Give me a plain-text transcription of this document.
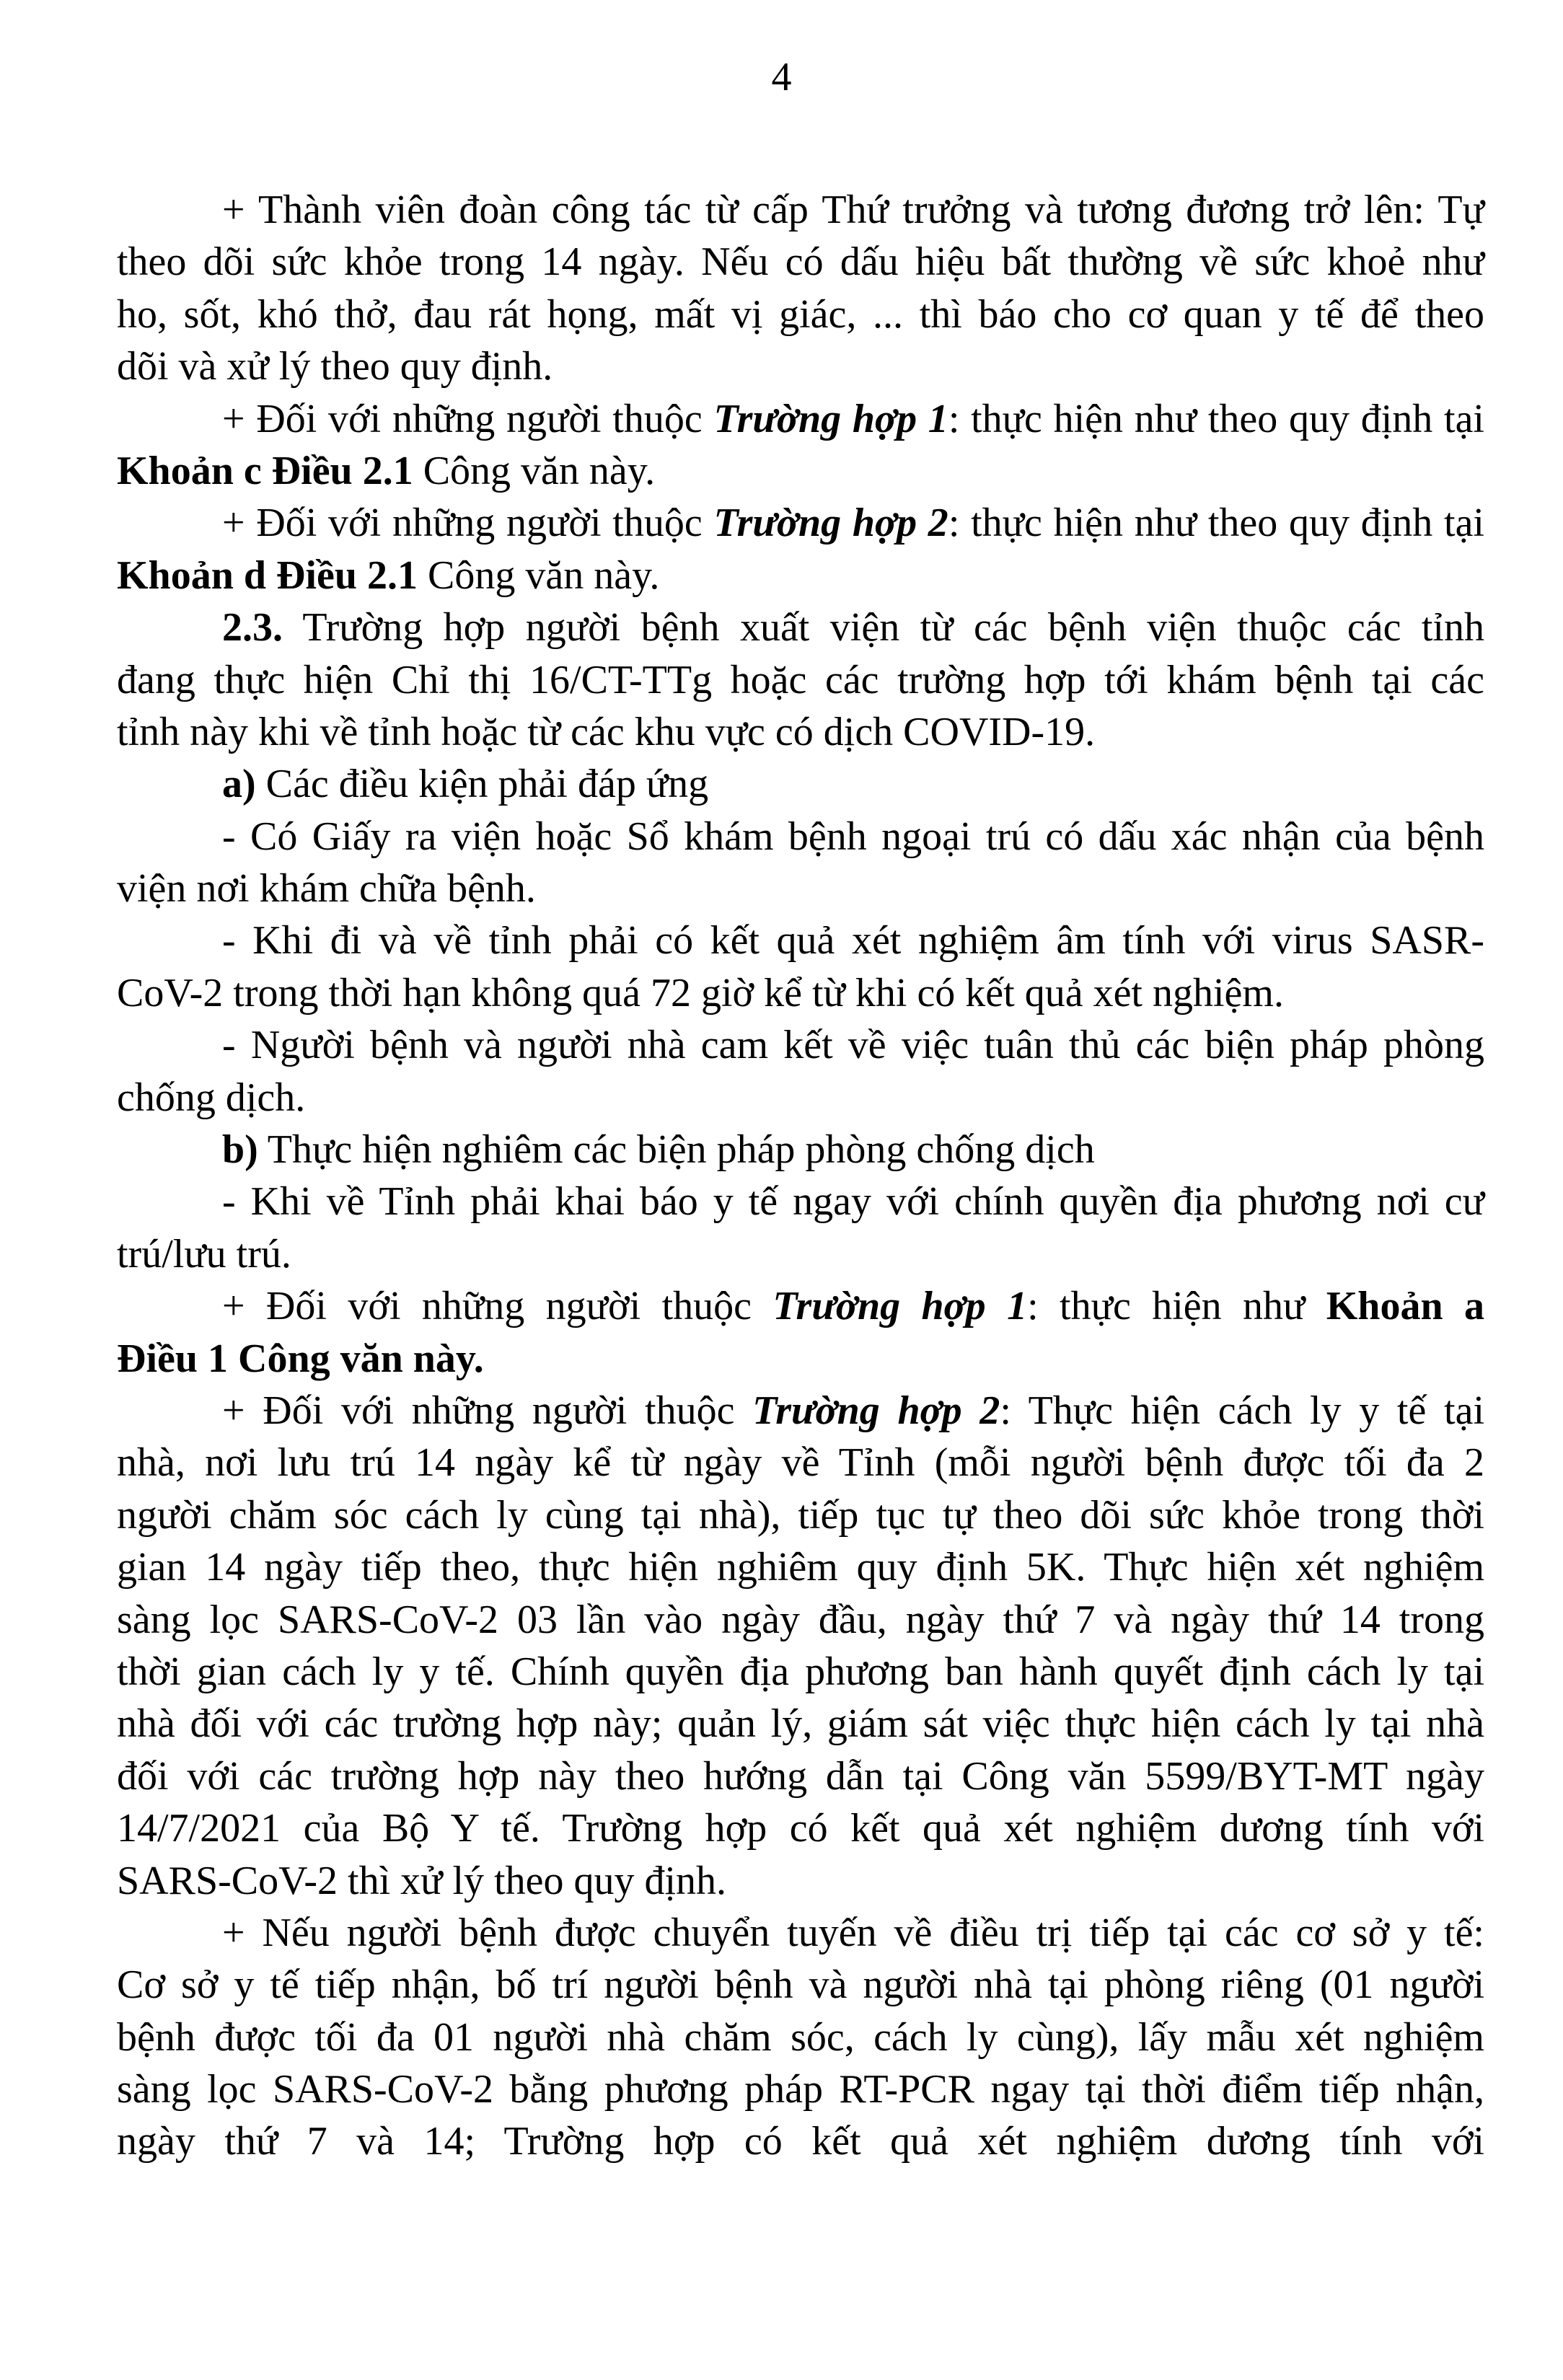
4
+ Thành viên đoàn công tác từ cấp Thứ trưởng và tương đương trở lên: Tự
theo dõi sức khỏe trong 14 ngày. Nếu có dấu hiệu bất thường về sức khoẻ như
ho, sốt, khó thở, đau rát họng, mất vị giác, ... thì báo cho cơ quan y tế để theo
dõi và xử lý theo quy định.
+ Đối với những người thuộc Trường hợp 1: thực hiện như theo quy định tại
Khoản c Điều 2.1 Công văn này.
+ Đối với những người thuộc Trường hợp 2: thực hiện như theo quy định tại
Khoản d Điều 2.1 Công văn này.
2.3. Trường hợp người bệnh xuất viện từ các bệnh viện thuộc các tỉnh
đang thực hiện Chỉ thị 16/CT-TTg hoặc các trường hợp tới khám bệnh tại các
tỉnh này khi về tỉnh hoặc từ các khu vực có dịch COVID-19.
a) Các điều kiện phải đáp ứng
- Có Giấy ra viện hoặc Sổ khám bệnh ngoại trú có dấu xác nhận của bệnh
viện nơi khám chữa bệnh.
- Khi đi và về tỉnh phải có kết quả xét nghiệm âm tính với virus SASR-
CoV-2 trong thời hạn không quá 72 giờ kể từ khi có kết quả xét nghiệm.
- Người bệnh và người nhà cam kết về việc tuân thủ các biện pháp phòng
chống dịch.
b) Thực hiện nghiêm các biện pháp phòng chống dịch
- Khi về Tỉnh phải khai báo y tế ngay với chính quyền địa phương nơi cư
trú/lưu trú.
+ Đối với những người thuộc Trường hợp 1: thực hiện như Khoản a
Điều 1 Công văn này.
+ Đối với những người thuộc Trường hợp 2: Thực hiện cách ly y tế tại
nhà, nơi lưu trú 14 ngày kể từ ngày về Tỉnh (mỗi người bệnh được tối đa 2
người chăm sóc cách ly cùng tại nhà), tiếp tục tự theo dõi sức khỏe trong thời
gian 14 ngày tiếp theo, thực hiện nghiêm quy định 5K. Thực hiện xét nghiệm
sàng lọc SARS-CoV-2 03 lần vào ngày đầu, ngày thứ 7 và ngày thứ 14 trong
thời gian cách ly y tế. Chính quyền địa phương ban hành quyết định cách ly tại
nhà đối với các trường hợp này; quản lý, giám sát việc thực hiện cách ly tại nhà
đối với các trường hợp này theo hướng dẫn tại Công văn 5599/BYT-MT ngày
14/7/2021 của Bộ Y tế. Trường hợp có kết quả xét nghiệm dương tính với
SARS-CoV-2 thì xử lý theo quy định.
+ Nếu người bệnh được chuyển tuyến về điều trị tiếp tại các cơ sở y tế:
Cơ sở y tế tiếp nhận, bố trí người bệnh và người nhà tại phòng riêng (01 người
bệnh được tối đa 01 người nhà chăm sóc, cách ly cùng), lấy mẫu xét nghiệm
sàng lọc SARS-CoV-2 bằng phương pháp RT-PCR ngay tại thời điểm tiếp nhận,
ngày thứ 7 và 14; Trường hợp có kết quả xét nghiệm dương tính với
